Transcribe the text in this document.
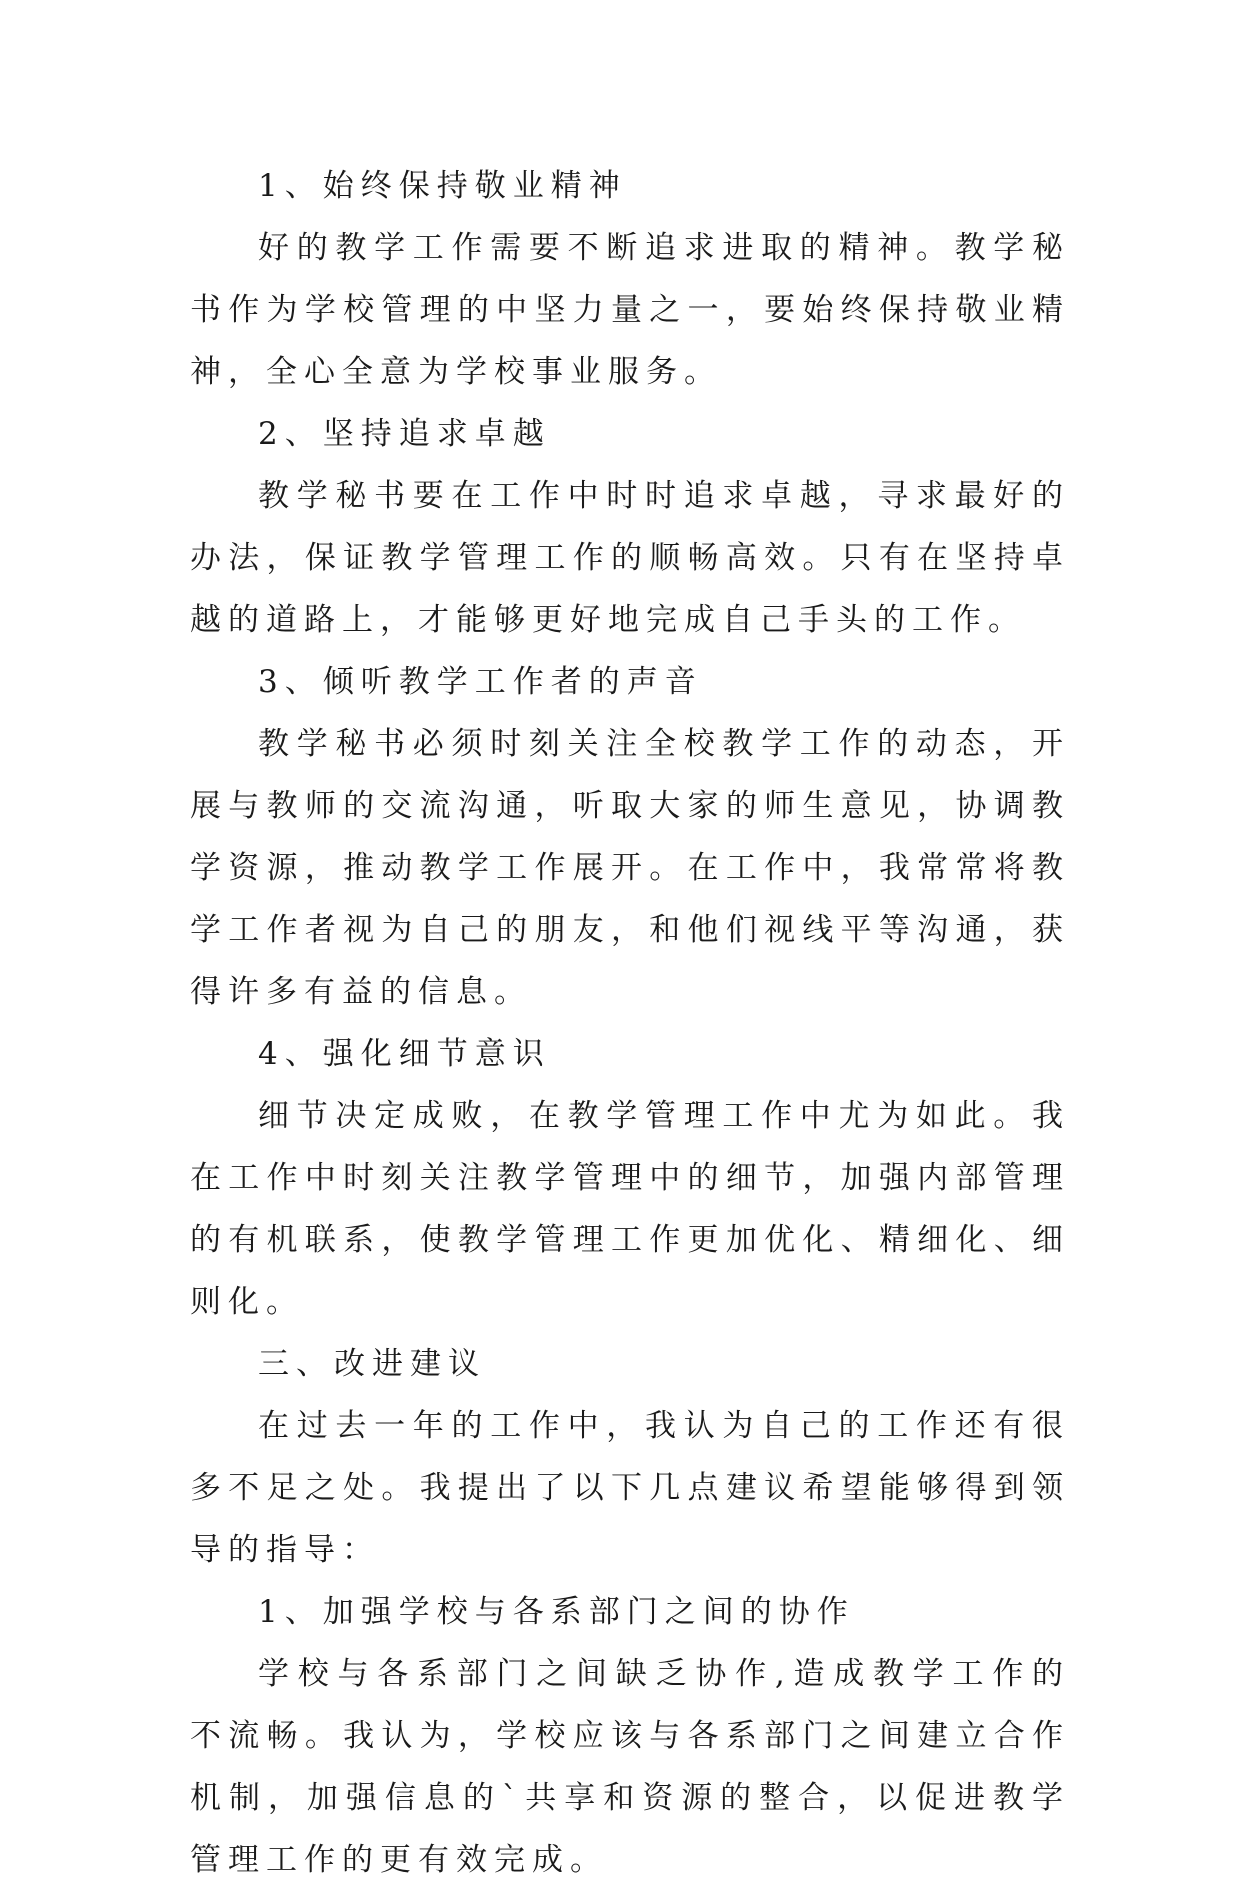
1、始终保持敬业精神

好的教学工作需要不断追求进取的精神。教学秘书作为学校管理的中坚力量之一，要始终保持敬业精神，全心全意为学校事业服务。

2、坚持追求卓越

教学秘书要在工作中时时追求卓越，寻求最好的办法，保证教学管理工作的顺畅高效。只有在坚持卓越的道路上，才能够更好地完成自己手头的工作。

3、倾听教学工作者的声音

教学秘书必须时刻关注全校教学工作的动态，开展与教师的交流沟通，听取大家的师生意见，协调教学资源，推动教学工作展开。在工作中，我常常将教学工作者视为自己的朋友，和他们视线平等沟通，获得许多有益的信息。

4、强化细节意识

细节决定成败，在教学管理工作中尤为如此。我在工作中时刻关注教学管理中的细节，加强内部管理的有机联系，使教学管理工作更加优化、精细化、细则化。

三、改进建议

在过去一年的工作中，我认为自己的工作还有很多不足之处。我提出了以下几点建议希望能够得到领导的指导：

1、加强学校与各系部门之间的协作

学校与各系部门之间缺乏协作,造成教学工作的不流畅。我认为，学校应该与各系部门之间建立合作机制，加强信息的`共享和资源的整合，以促进教学管理工作的更有效完成。
